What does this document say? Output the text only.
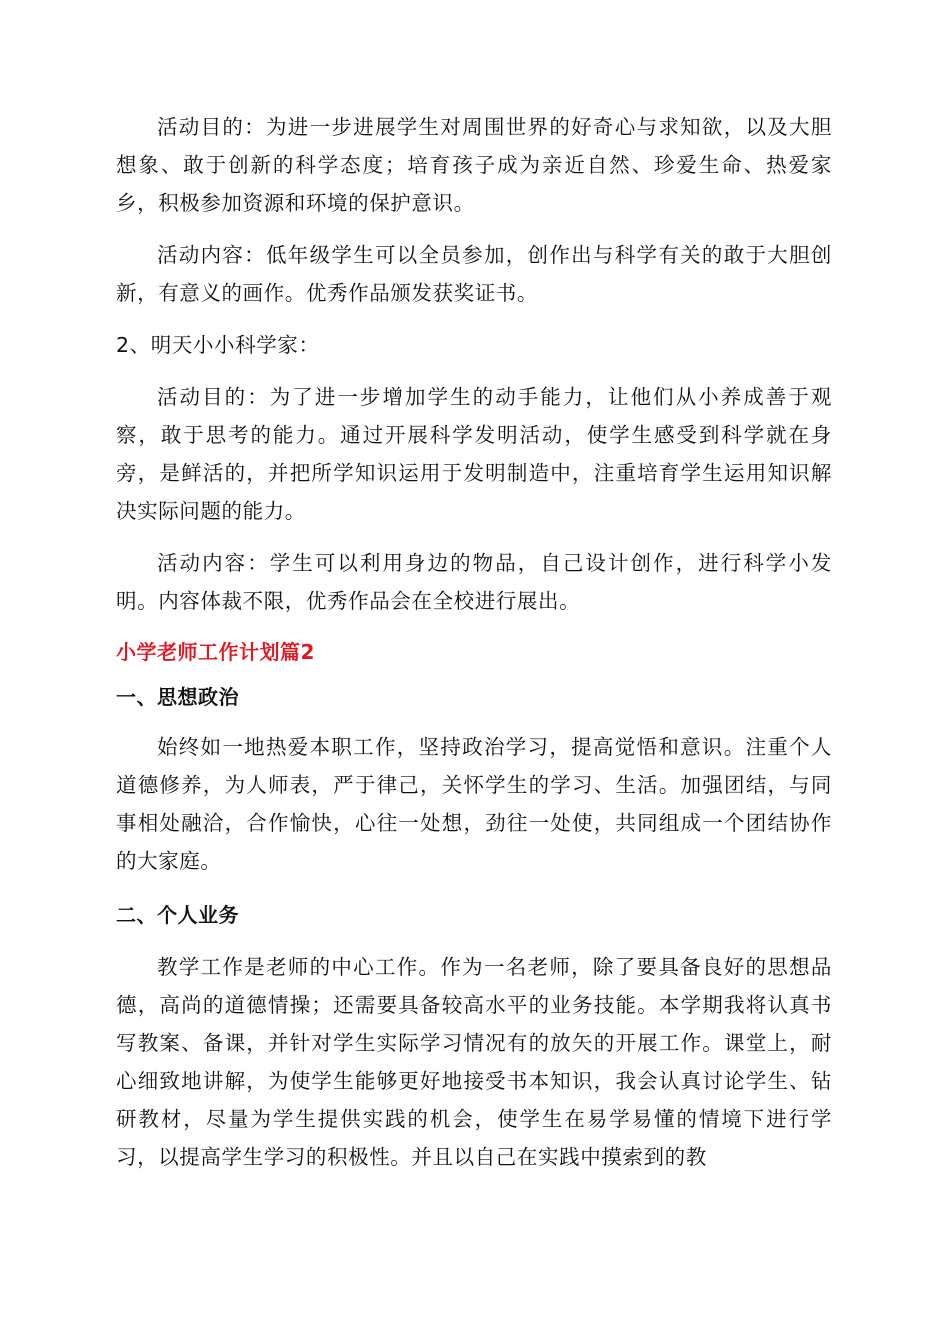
活动目的：为进一步进展学生对周围世界的好奇心与求知欲，以及大胆想象、敢于创新的科学态度；培育孩子成为亲近自然、珍爱生命、热爱家乡，积极参加资源和环境的保护意识。

活动内容：低年级学生可以全员参加，创作出与科学有关的敢于大胆创新，有意义的画作。优秀作品颁发获奖证书。

2、明天小小科学家：

活动目的：为了进一步增加学生的动手能力，让他们从小养成善于观察，敢于思考的能力。通过开展科学发明活动，使学生感受到科学就在身旁，是鲜活的，并把所学知识运用于发明制造中，注重培育学生运用知识解决实际问题的能力。

活动内容：学生可以利用身边的物品，自己设计创作，进行科学小发明。内容体裁不限，优秀作品会在全校进行展出。

小学老师工作计划篇2

一、思想政治

始终如一地热爱本职工作，坚持政治学习，提高觉悟和意识。注重个人道德修养，为人师表，严于律己，关怀学生的学习、生活。加强团结，与同事相处融洽，合作愉快，心往一处想，劲往一处使，共同组成一个团结协作的大家庭。

二、个人业务

教学工作是老师的中心工作。作为一名老师，除了要具备良好的思想品德，高尚的道德情操；还需要具备较高水平的业务技能。本学期我将认真书写教案、备课，并针对学生实际学习情况有的放矢的开展工作。课堂上，耐心细致地讲解，为使学生能够更好地接受书本知识，我会认真讨论学生、钻研教材，尽量为学生提供实践的机会，使学生在易学易懂的情境下进行学习，以提高学生学习的积极性。并且以自己在实践中摸索到的教
